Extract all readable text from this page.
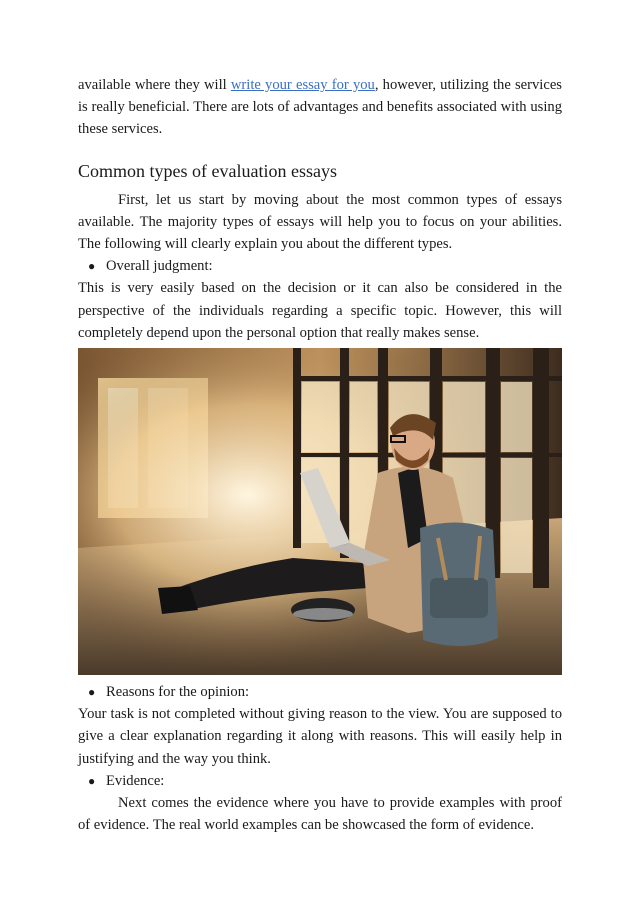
available where they will write your essay for you, however, utilizing the services is really beneficial. There are lots of advantages and benefits associated with using these services.

Common types of evaluation essays

First, let us start by moving about the most common types of essays available. The majority types of essays will help you to focus on your abilities. The following will clearly explain you about the different types.

● Overall judgment:

This is very easily based on the decision or it can also be considered in the perspective of the individuals regarding a specific topic. However, this will completely depend upon the personal option that really makes sense.

● Reasons for the opinion:

Your task is not completed without giving reason to the view. You are supposed to give a clear explanation regarding it along with reasons. This will easily help in justifying and the way you think.

● Evidence:

Next comes the evidence where you have to provide examples with proof of evidence. The real world examples can be showcased the form of evidence.
